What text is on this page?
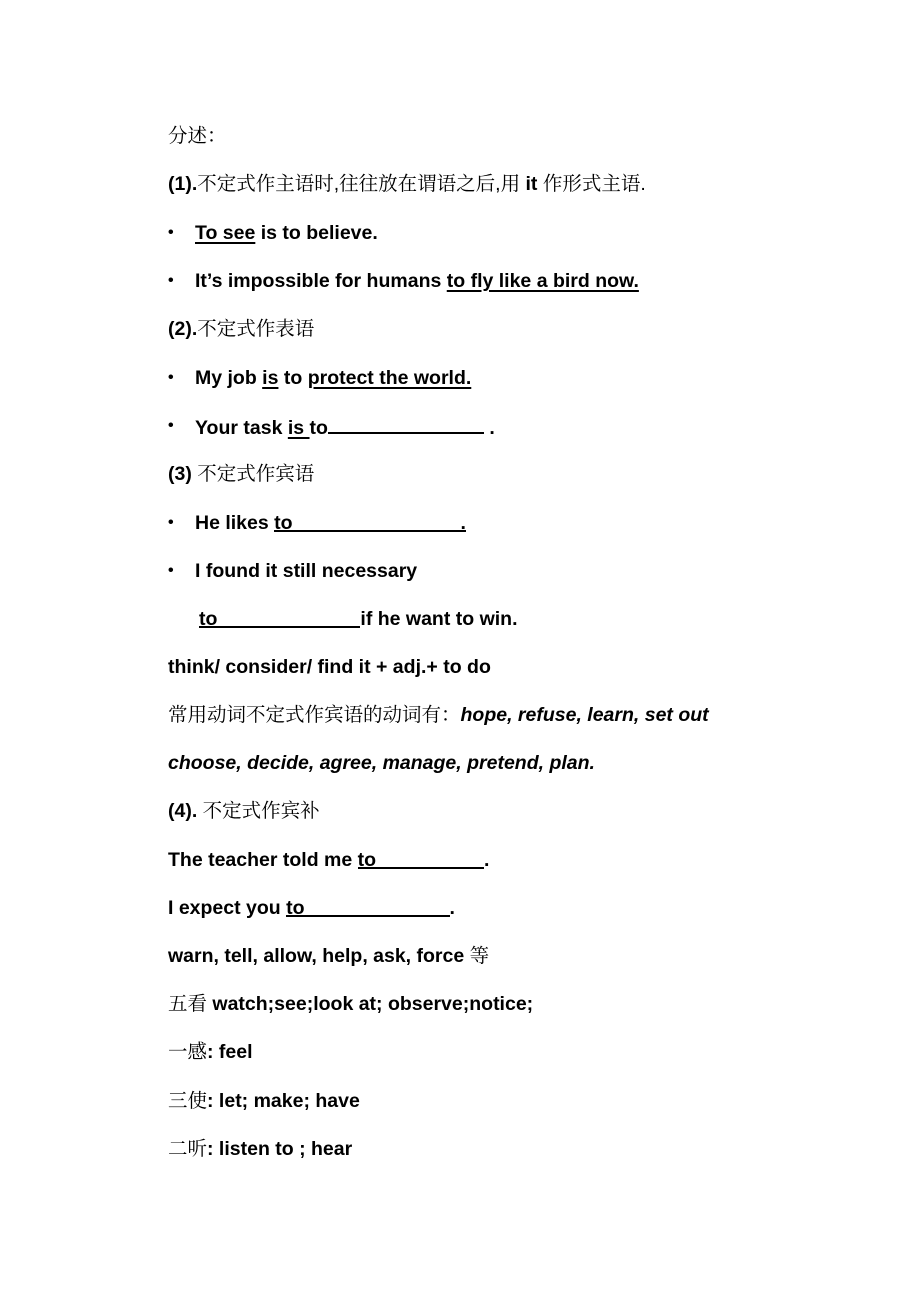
分述：
(1).不定式作主语时,往往放在谓语之后,用 it 作形式主语.
• To see is to believe.
• It’s impossible for humans to fly like a bird now.
(2).不定式作表语
• My job is to protect the world.
• Your task is to	.
(3) 不定式作宾语
• He likes to	.
• I found it still necessary
to	if he want to win.
think/ consider/ find it + adj.+ to do
常用动词不定式作宾语的动词有：hope, refuse, learn, set out
choose, decide, agree, manage, pretend, plan.
(4). 不定式作宾补
The teacher told me to	.
I expect you to	.
warn, tell, allow, help, ask, force 等
五看 watch;see;look at; observe;notice;
一感: feel
三使: let; make; have
二听: listen to ; hear
